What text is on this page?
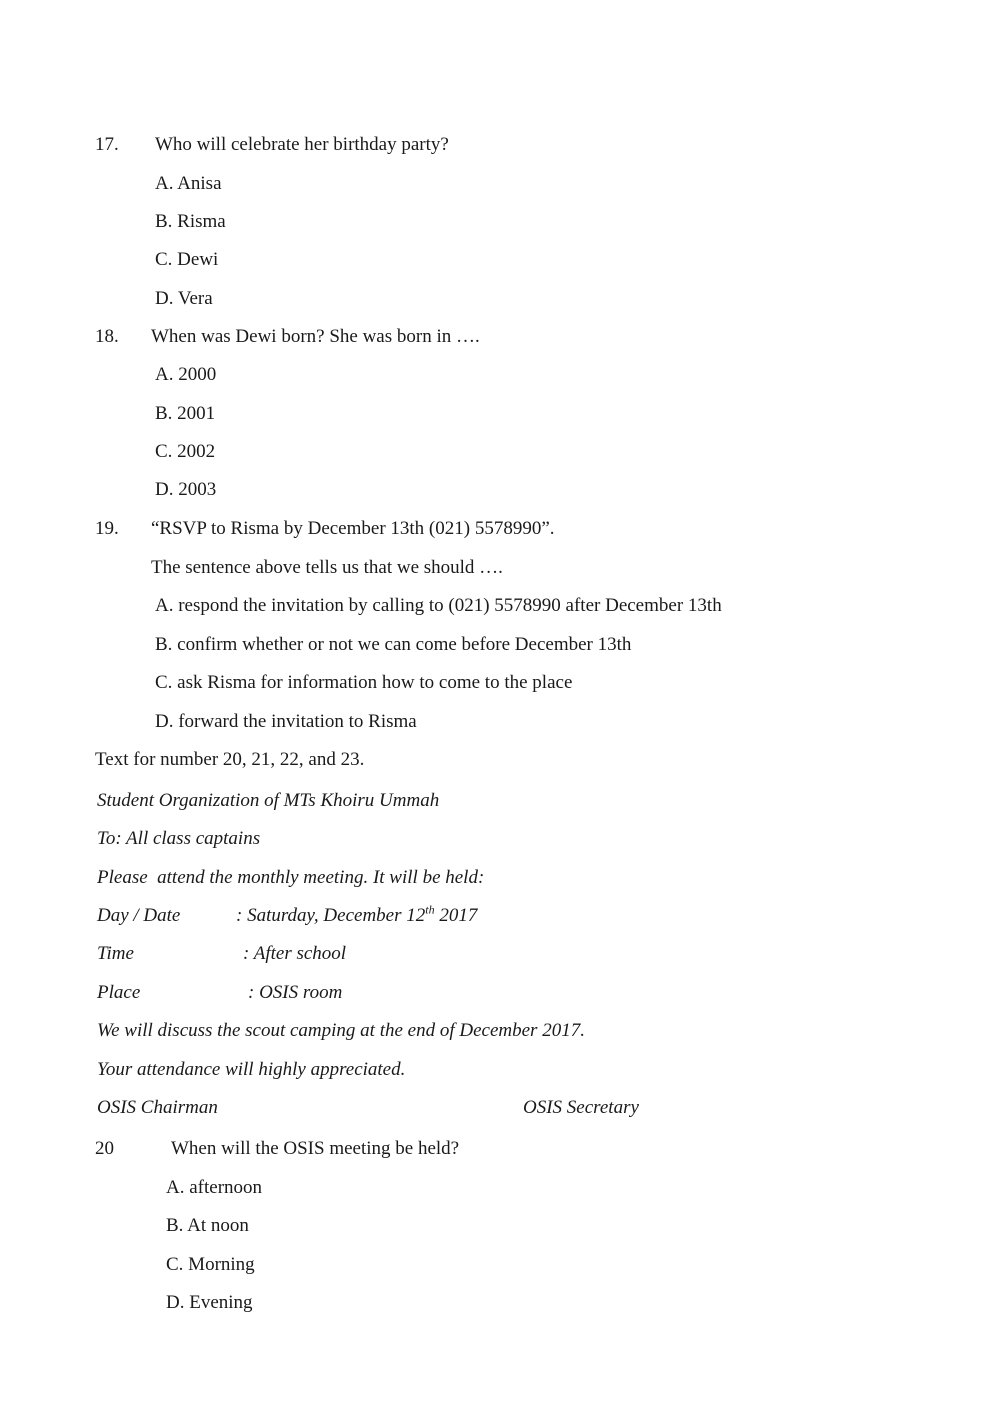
17. Who will celebrate her birthday party?
A. Anisa
B. Risma
C. Dewi
D. Vera
18. When was Dewi born? She was born in ….
A. 2000
B. 2001
C. 2002
D. 2003
19. “RSVP to Risma by December 13th (021) 5578990”.
The sentence above tells us that we should ….
A. respond the invitation by calling to (021) 5578990 after December 13th
B. confirm whether or not we can come before December 13th
C. ask Risma for information how to come to the place
D. forward the invitation to Risma
Text for number 20, 21, 22, and 23.
Student Organization of MTs Khoiru Ummah
To: All class captains
Please  attend the monthly meeting. It will be held:
Day / Date	: Saturday, December 12th 2017
Time	: After school
Place	: OSIS room
We will discuss the scout camping at the end of December 2017.
Your attendance will highly appreciated.
OSIS Chairman	OSIS Secretary
20	When will the OSIS meeting be held?
A. afternoon
B. At noon
C. Morning
D. Evening
